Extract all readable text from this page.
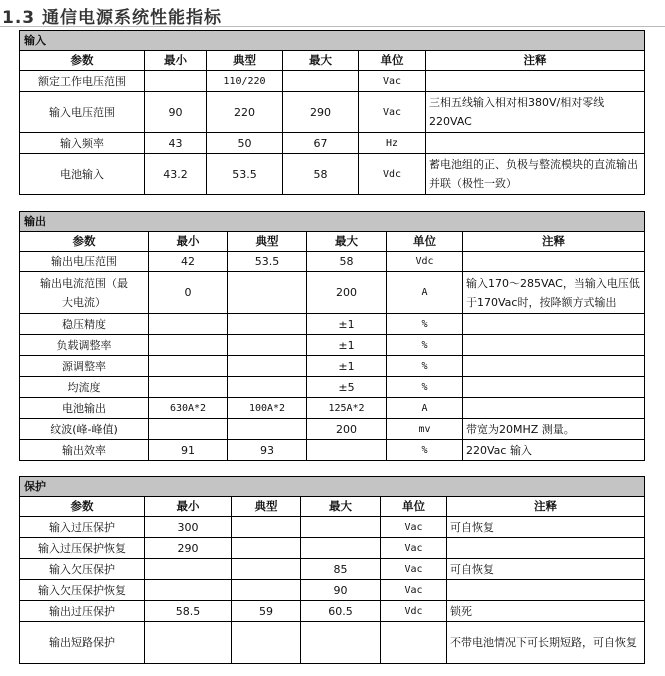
1.3 通信电源系统性能指标
输入					
参数	最小	典型	最大	单位	注释
额定工作电压范围		110/220		Vac	
输入电压范围	90	220	290	Vac	三相五线输入相对相380V/相对零线220VAC
输入频率	43	50	67	Hz	
电池输入	43.2	53.5	58	Vdc	蓄电池组的正、负极与整流模块的直流输出并联（极性一致）
输出					
参数	最小	典型	最大	单位	注释
输出电压范围	42	53.5	58	Vdc	
输出电流范围（最大电流）	0		200	A	输入170～285VAC，当输入电压低于170Vac时，按降额方式输出
稳压精度			±1	%	
负载调整率			±1	%	
源调整率			±1	%	
均流度			±5	%	
电池输出	630A*2	100A*2	125A*2	A	
纹波(峰-峰值)			200	mv	带宽为20MHZ 测量。
输出效率	91	93		%	220Vac 输入
保护					
参数	最小	典型	最大	单位	注释
输入过压保护	300			Vac	可自恢复
输入过压保护恢复	290			Vac	
输入欠压保护			85	Vac	可自恢复
输入欠压保护恢复			90	Vac	
输出过压保护	58.5	59	60.5	Vdc	锁死
输出短路保护					不带电池情况下可长期短路，可自恢复
